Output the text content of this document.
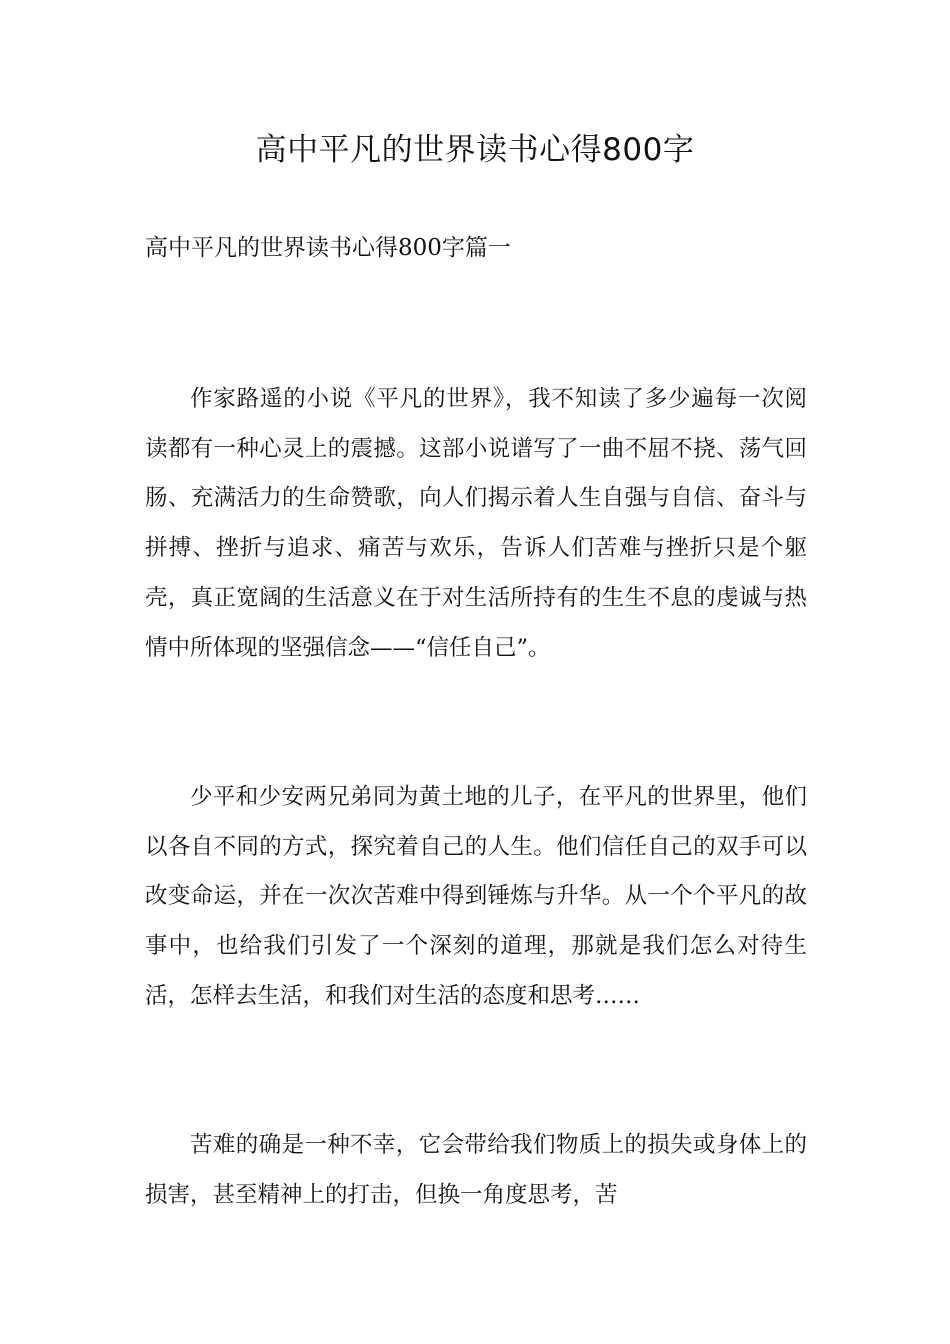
高中平凡的世界读书心得800字
高中平凡的世界读书心得800字篇一

作家路遥的小说《平凡的世界》，我不知读了多少遍每一次阅读都有一种心灵上的震撼。这部小说谱写了一曲不屈不挠、荡气回肠、充满活力的生命赞歌，向人们揭示着人生自强与自信、奋斗与拼搏、挫折与追求、痛苦与欢乐，告诉人们苦难与挫折只是个躯壳，真正宽阔的生活意义在于对生活所持有的生生不息的虔诚与热情中所体现的坚强信念——“信任自己”。

少平和少安两兄弟同为黄土地的儿子，在平凡的世界里，他们以各自不同的方式，探究着自己的人生。他们信任自己的双手可以改变命运，并在一次次苦难中得到锤炼与升华。从一个个平凡的故事中，也给我们引发了一个深刻的道理，那就是我们怎么对待生活，怎样去生活，和我们对生活的态度和思考……

苦难的确是一种不幸，它会带给我们物质上的损失或身体上的损害，甚至精神上的打击，但换一角度思考，苦
